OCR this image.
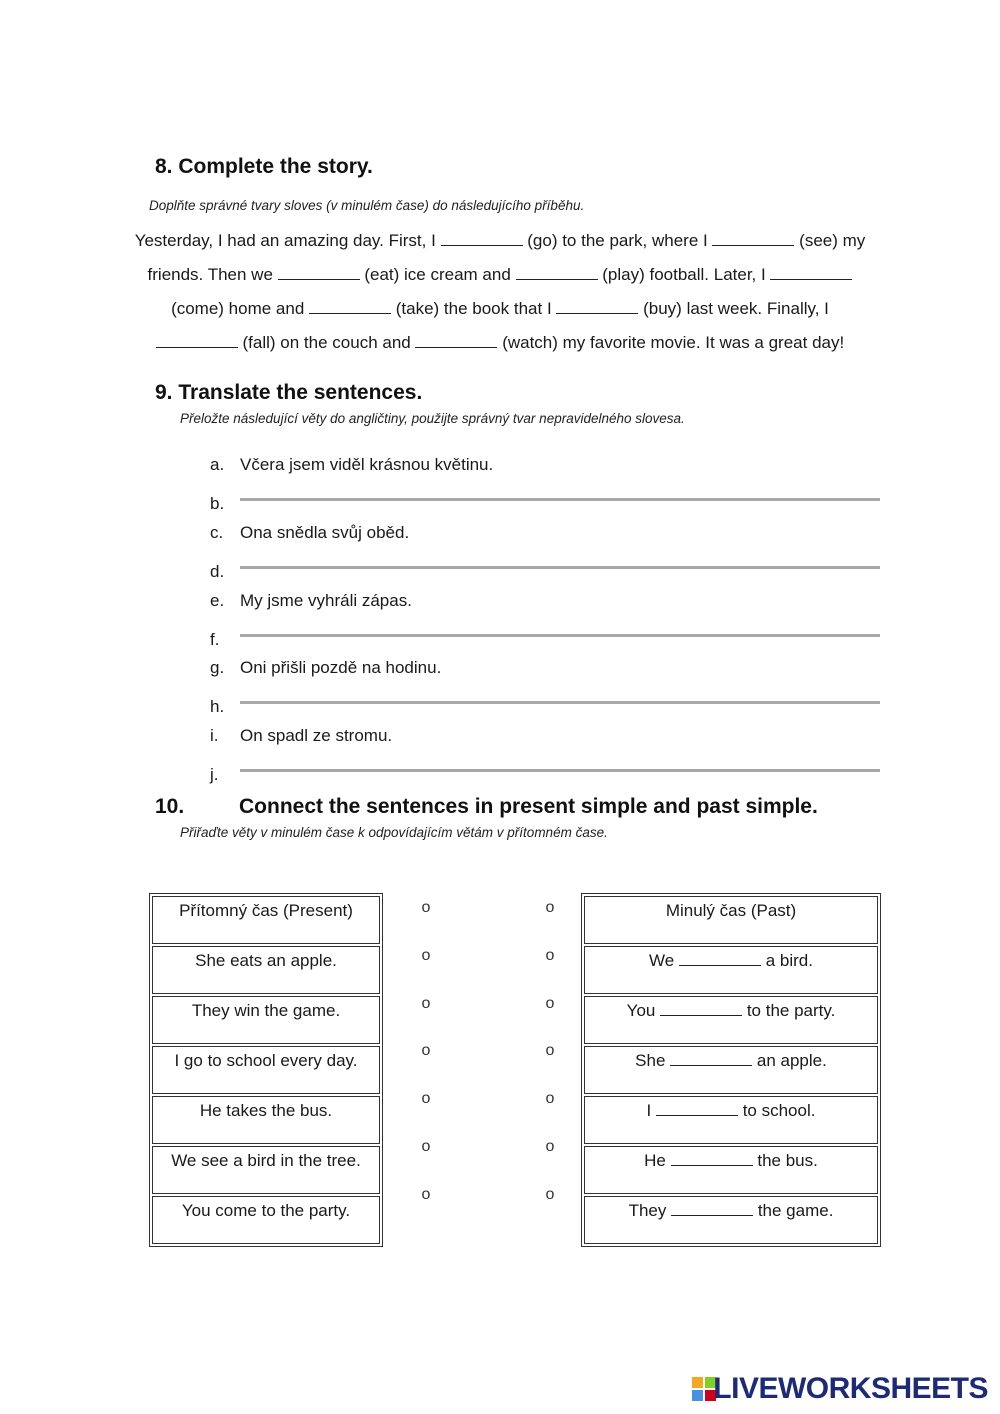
8. Complete the story.
Doplňte správné tvary sloves (v minulém čase) do následujícího příběhu.
Yesterday, I had an amazing day. First, I	(go) to the park, where I	(see) my
friends. Then we	(eat) ice cream and	(play) football. Later, I
(come) home and	(take) the book that I	(buy) last week. Finally, I
(fall) on the couch and	(watch) my favorite movie. It was a great day!
9. Translate the sentences.
Přeložte následující věty do angličtiny, použijte správný tvar nepravidelného slovesa.
a. Včera jsem viděl krásnou květinu.
b.
c. Ona snědla svůj oběd.
d.
e. My jsme vyhráli zápas.
f.
g. Oni přišli pozdě na hodinu.
h.
i. On spadl ze stromu.
j.
10.	Connect the sentences in present simple and past simple.
Přiřaďte věty v minulém čase k odpovídajícím větám v přítomném čase.
Přítomný čas (Present)
She eats an apple.
They win the game.
I go to school every day.
He takes the bus.
We see a bird in the tree.
You come to the party.
Minulý čas (Past)
We	a bird.
You	to the party.
She	an apple.
I	to school.
He	the bus.
They	the game.
o	o
o	o
o	o
o	o
o	o
o	o
o	o
LIVEWORKSHEETS
